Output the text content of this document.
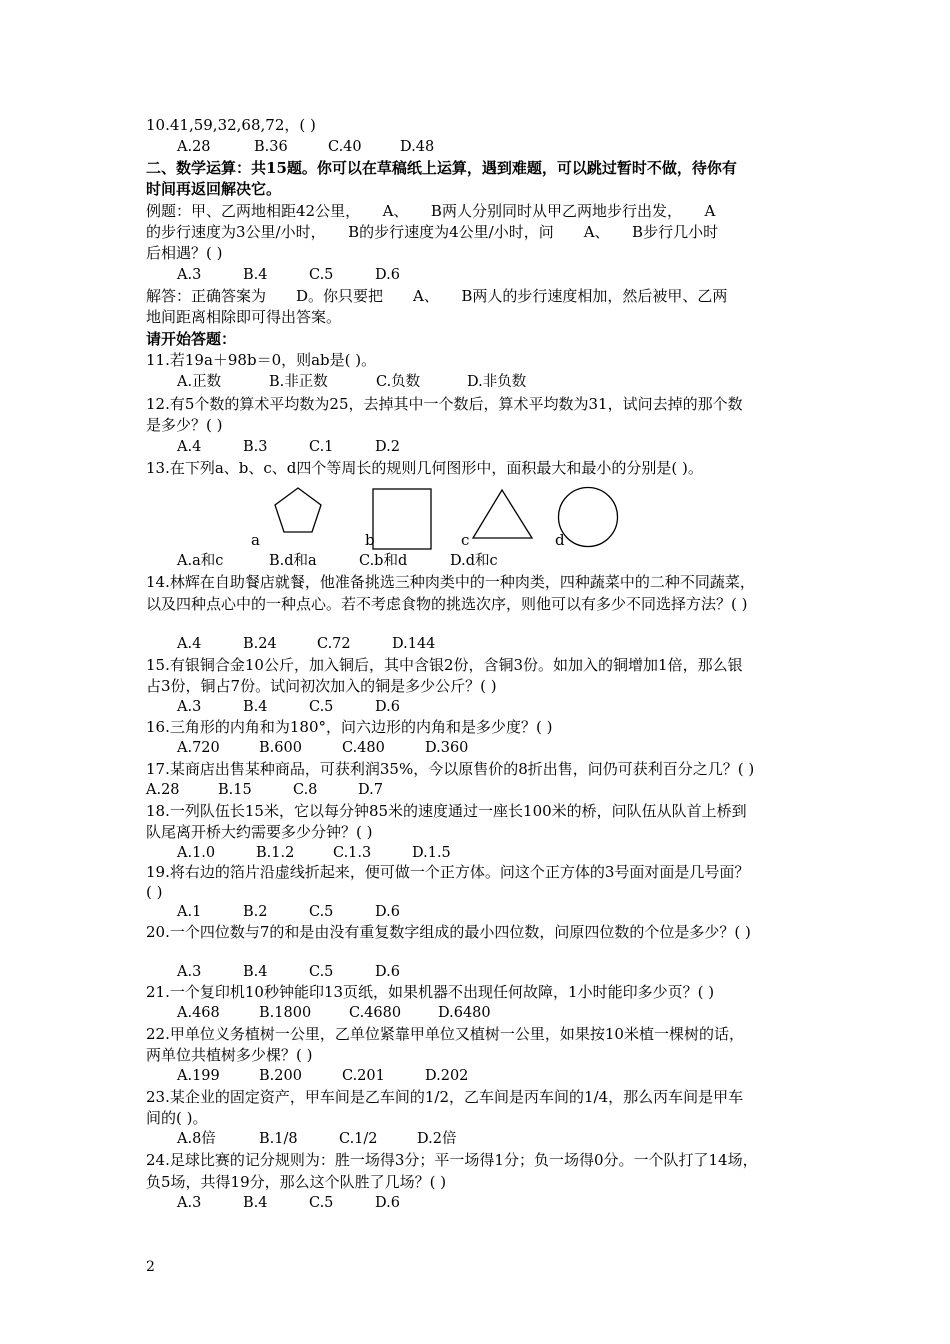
10.41,59,32,68,72，( )
A.28	B.36	C.40	D.48
二、数学运算：共15题。你可以在草稿纸上运算，遇到难题，可以跳过暂时不做，待你有
时间再返回解决它。
例题：甲、乙两地相距42公里，　　A、　　B两人分别同时从甲乙两地步行出发，　　A
的步行速度为3公里/小时，　　B的步行速度为4公里/小时，问　　A、　　B步行几小时
后相遇？( )
A.3	B.4	C.5	D.6
解答：正确答案为　　D。你只要把　　A、　　B两人的步行速度相加，然后被甲、乙两
地间距离相除即可得出答案。
请开始答题：
11.若19a＋98b＝0，则ab是( )。
A.正数	B.非正数	C.负数	D.非负数
12.有5个数的算术平均数为25，去掉其中一个数后，算术平均数为31，试问去掉的那个数
是多少？( )
A.4	B.3	C.1	D.2
13.在下列a、b、c、d四个等周长的规则几何图形中，面积最大和最小的分别是( )。
a	b	c	d
A.a和c	B.d和a	C.b和d	D.d和c
14.林辉在自助餐店就餐，他准备挑选三种肉类中的一种肉类，四种蔬菜中的二种不同蔬菜，
以及四种点心中的一种点心。若不考虑食物的挑选次序，则他可以有多少不同选择方法？( )
A.4	B.24	C.72	D.144
15.有银铜合金10公斤，加入铜后，其中含银2份，含铜3份。如加入的铜增加1倍，那么银
占3份，铜占7份。试问初次加入的铜是多少公斤？( )
A.3	B.4	C.5	D.6
16.三角形的内角和为180°，问六边形的内角和是多少度？( )
A.720	B.600	C.480	D.360
17.某商店出售某种商品，可获利润35%，今以原售价的8折出售，问仍可获利百分之几？( )
A.28	B.15	C.8	D.7
18.一列队伍长15米，它以每分钟85米的速度通过一座长100米的桥，问队伍从队首上桥到
队尾离开桥大约需要多少分钟？( )
A.1.0	B.1.2	C.1.3	D.1.5
19.将右边的箔片沿虚线折起来，便可做一个正方体。问这个正方体的3号面对面是几号面？
( )
A.1	B.2	C.5	D.6
20.一个四位数与7的和是由没有重复数字组成的最小四位数，问原四位数的个位是多少？( )
A.3	B.4	C.5	D.6
21.一个复印机10秒钟能印13页纸，如果机器不出现任何故障，1小时能印多少页？( )
A.468	B.1800	C.4680	D.6480
22.甲单位义务植树一公里，乙单位紧靠甲单位又植树一公里，如果按10米植一棵树的话，
两单位共植树多少棵？( )
A.199	B.200	C.201	D.202
23.某企业的固定资产，甲车间是乙车间的1/2，乙车间是丙车间的1/4，那么丙车间是甲车
间的( )。
A.8倍	B.1/8	C.1/2	D.2倍
24.足球比赛的记分规则为：胜一场得3分；平一场得1分；负一场得0分。一个队打了14场，
负5场，共得19分，那么这个队胜了几场？( )
A.3	B.4	C.5	D.6
2
